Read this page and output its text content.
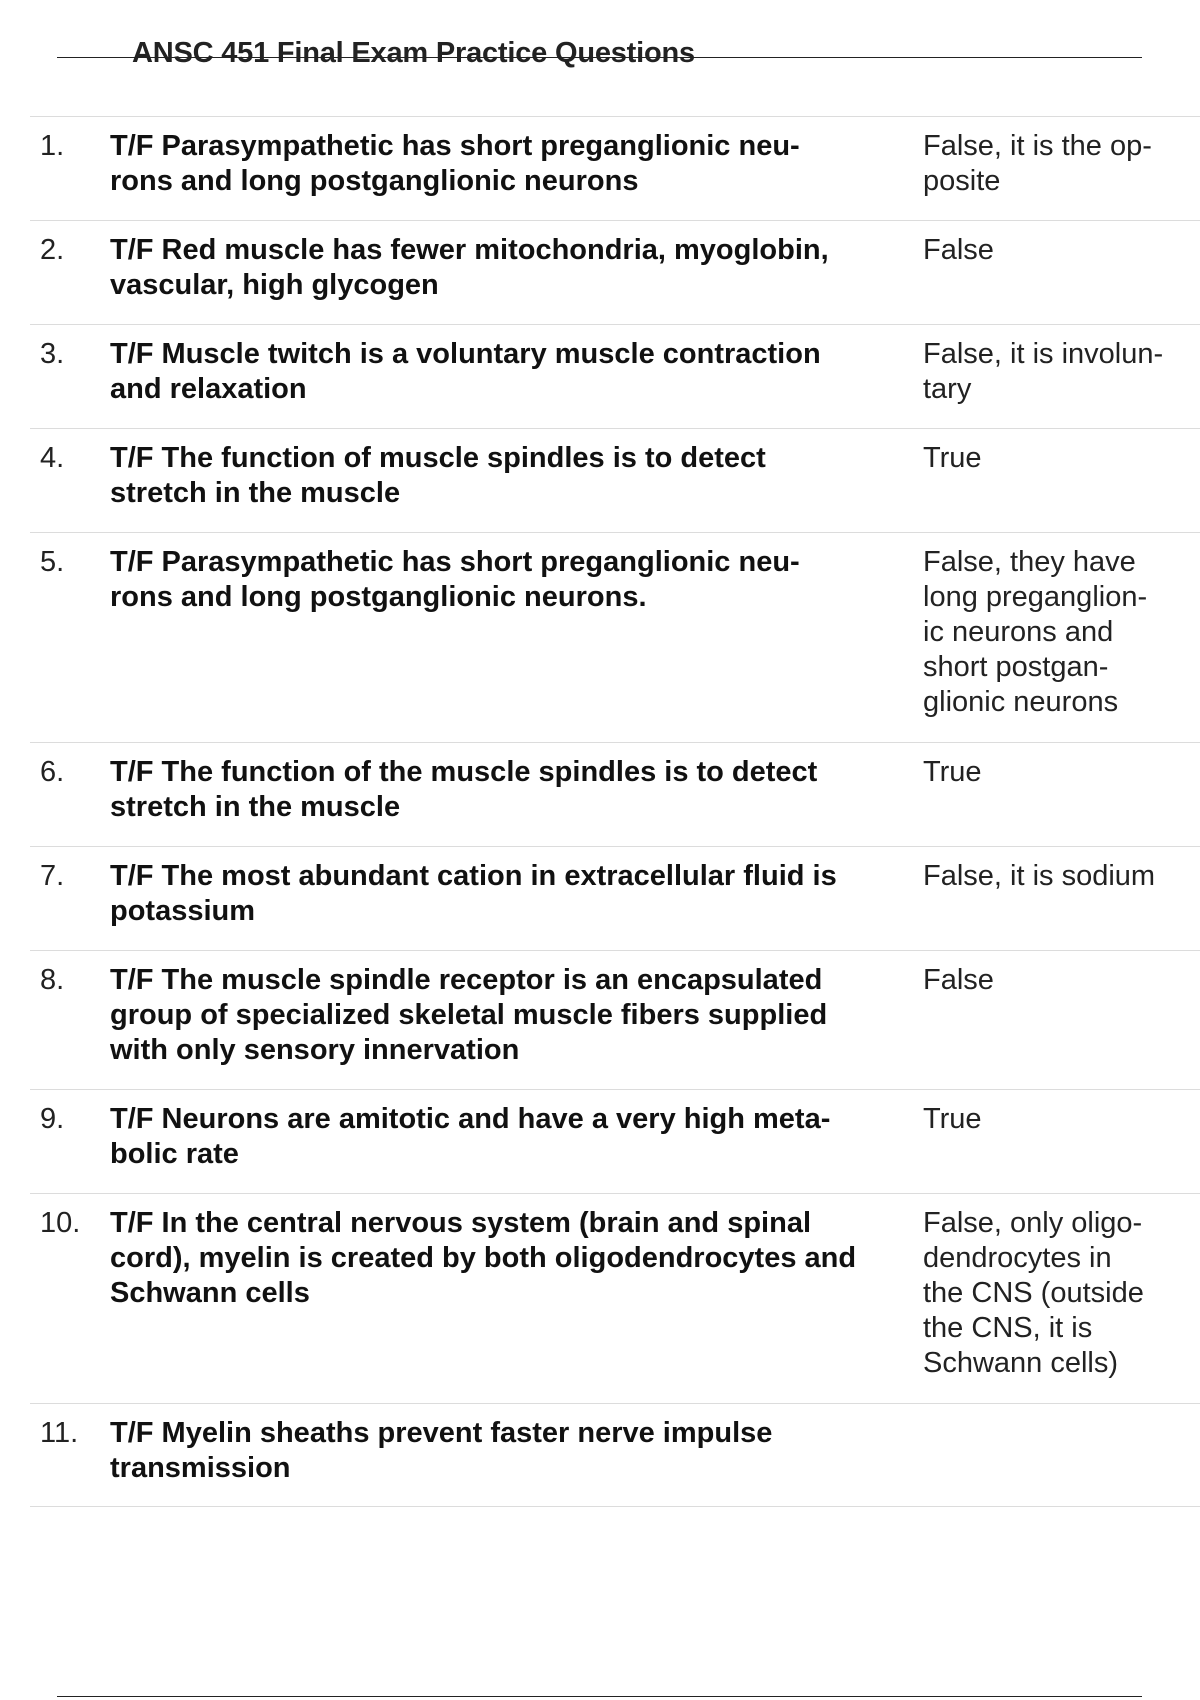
ANSC 451 Final Exam Practice Questions
1. T/F Parasympathetic has short preganglionic neu-
rons and long postganglionic neurons
False, it is the op-
posite
2. T/F Red muscle has fewer mitochondria, myoglobin,
vascular, high glycogen
False
3. T/F Muscle twitch is a voluntary muscle contraction
and relaxation
False, it is involun-
tary
4. T/F The function of muscle spindles is to detect
stretch in the muscle
True
5. T/F Parasympathetic has short preganglionic neu-
rons and long postganglionic neurons.
False, they have
long preganglion-
ic neurons and
short postgan-
glionic neurons
6. T/F The function of the muscle spindles is to detect
stretch in the muscle
True
7. T/F The most abundant cation in extracellular fluid is
potassium
False, it is sodium
8. T/F The muscle spindle receptor is an encapsulated
group of specialized skeletal muscle fibers supplied
with only sensory innervation
False
9. T/F Neurons are amitotic and have a very high meta-
bolic rate
True
10. T/F In the central nervous system (brain and spinal
cord), myelin is created by both oligodendrocytes and
Schwann cells
False, only oligo-
dendrocytes in
the CNS (outside
the CNS, it is
Schwann cells)
11. T/F Myelin sheaths prevent faster nerve impulse
transmission
